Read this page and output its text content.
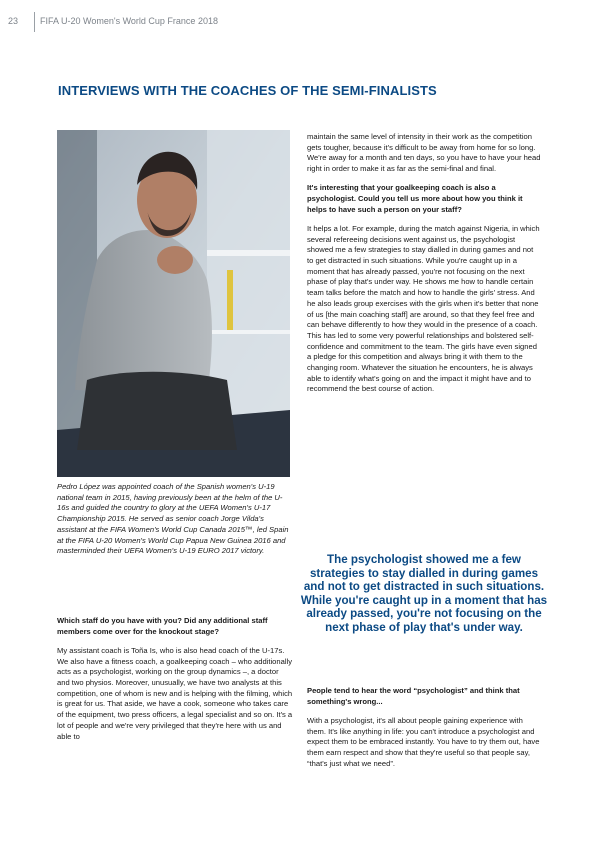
23 FIFA U-20 Women's World Cup France 2018
INTERVIEWS WITH THE COACHES OF THE SEMI-FINALISTS
Pedro López was appointed coach of the Spanish women's U-19 national team in 2015, having previously been at the helm of the U-16s and guided the country to glory at the UEFA Women's U-17 Championship 2015. He served as senior coach Jorge Vilda's assistant at the FIFA Women's World Cup Canada 2015™, led Spain at the FIFA U-20 Women's World Cup Papua New Guinea 2016 and masterminded their UEFA Women's U-19 EURO 2017 victory.

Which staff do you have with you? Did any additional staff members come over for the knockout stage?

My assistant coach is Toña Is, who is also head coach of the U-17s. We also have a fitness coach, a goalkeeping coach – who additionally acts as a psychologist, working on the group dynamics –, a doctor and two physios. Moreover, unusually, we have two analysts at this competition, one of whom is new and is helping with the filming, which is great for us. That aside, we have a cook, someone who takes care of the equipment, two press officers, a legal specialist and so on. It's a lot of people and we're very privileged that they're here with us and able to

maintain the same level of intensity in their work as the competition gets tougher, because it's difficult to be away from home for so long. We're away for a month and ten days, so you have to have your head right in order to make it as far as the semi-final and final.

It's interesting that your goalkeeping coach is also a psychologist. Could you tell us more about how you think it helps to have such a person on your staff?

It helps a lot. For example, during the match against Nigeria, in which several refereeing decisions went against us, the psychologist showed me a few strategies to stay dialled in during games and not to get distracted in such situations. While you're caught up in a moment that has already passed, you're not focusing on the next phase of play that's under way. He shows me how to handle certain team talks before the match and how to handle the girls' stress. And he also leads group exercises with the girls when it's better that none of us [the main coaching staff] are around, so that they feel free and can behave differently to how they would in the presence of a coach. This has led to some very powerful relationships and bolstered self-confidence and commitment to the team. The girls have even signed a pledge for this competition and always bring it with them to the changing room. Whatever the situation he encounters, he is always able to identify what's going on and the impact it might have and to recommend the best course of action.

The psychologist showed me a few strategies to stay dialled in during games and not to get distracted in such situations. While you're caught up in a moment that has already passed, you're not focusing on the next phase of play that's under way.

People tend to hear the word “psychologist” and think that something's wrong...

With a psychologist, it's all about people gaining experience with them. It's like anything in life: you can't introduce a psychologist and expect them to be embraced instantly. You have to try them out, have them earn respect and show that they're useful so that people say, “that's just what we need”.
